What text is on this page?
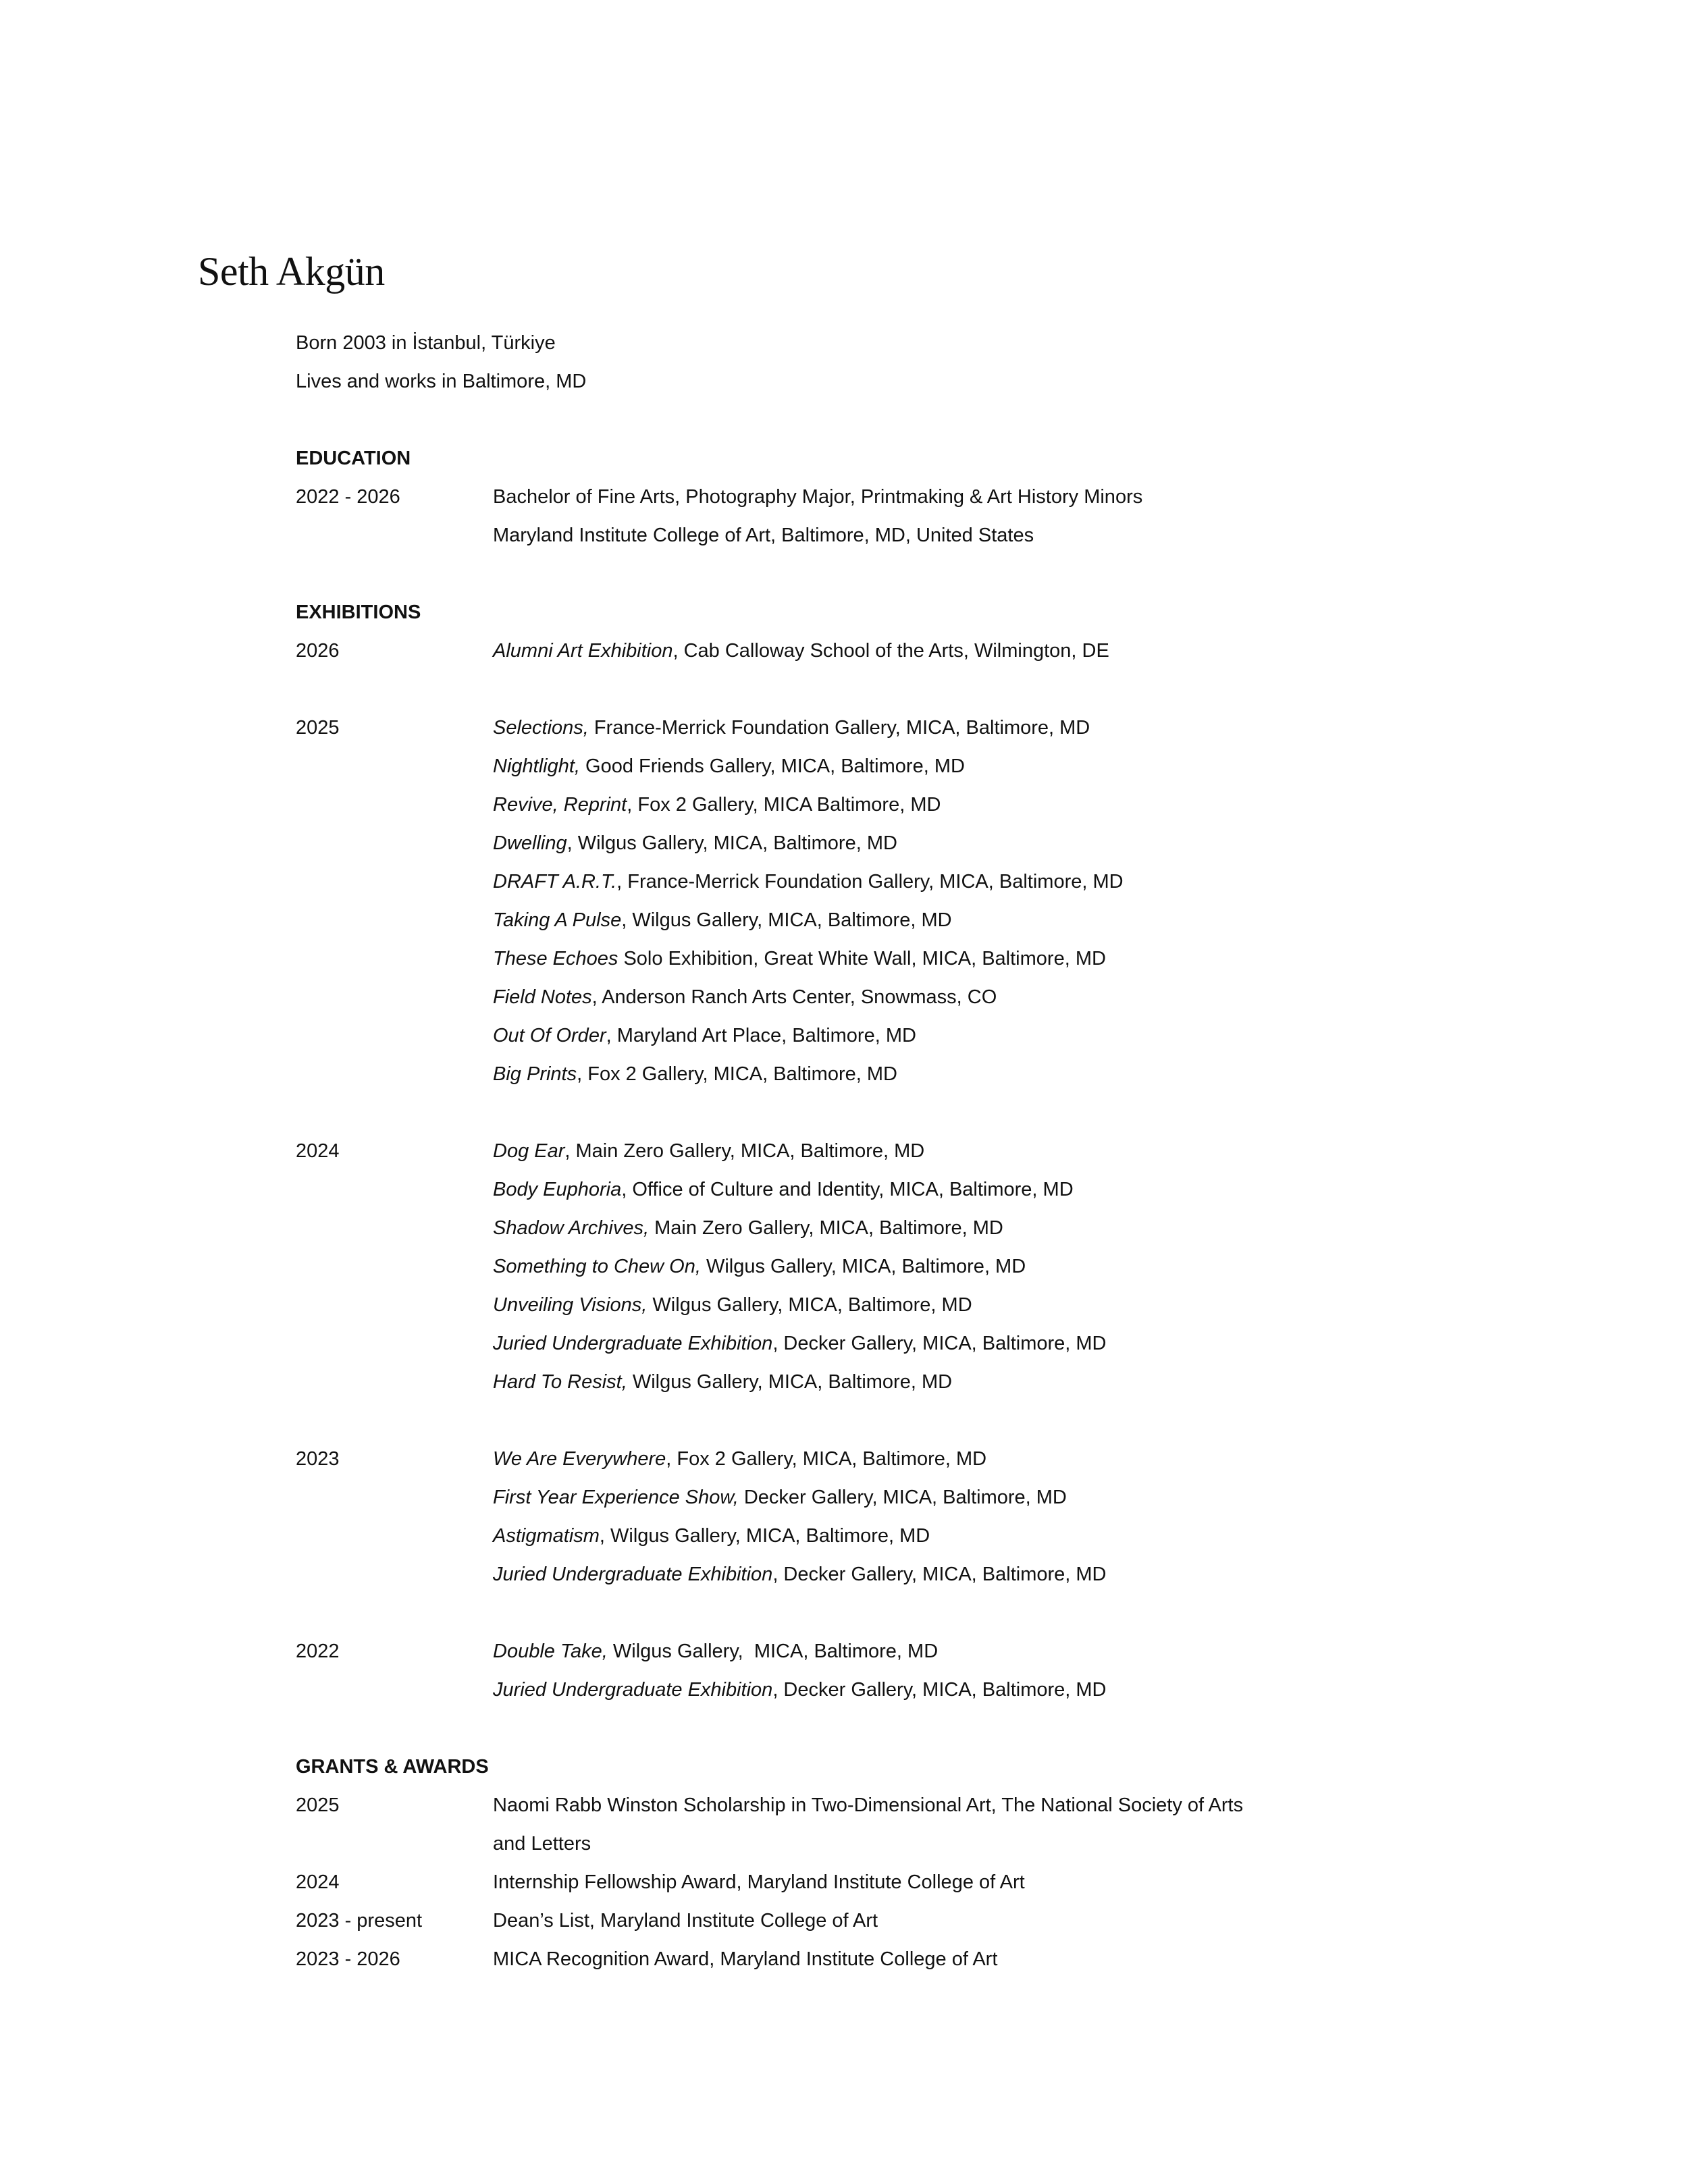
Seth Akgün
Born 2003 in İstanbul, Türkiye
Lives and works in Baltimore, MD
EDUCATION
2022 - 2026	Bachelor of Fine Arts, Photography Major, Printmaking & Art History Minors
Maryland Institute College of Art, Baltimore, MD, United States
EXHIBITIONS
2026	Alumni Art Exhibition, Cab Calloway School of the Arts, Wilmington, DE
2025	Selections, France-Merrick Foundation Gallery, MICA, Baltimore, MD
Nightlight, Good Friends Gallery, MICA, Baltimore, MD
Revive, Reprint, Fox 2 Gallery, MICA Baltimore, MD
Dwelling, Wilgus Gallery, MICA, Baltimore, MD
DRAFT A.R.T., France-Merrick Foundation Gallery, MICA, Baltimore, MD
Taking A Pulse, Wilgus Gallery, MICA, Baltimore, MD
These Echoes Solo Exhibition, Great White Wall, MICA, Baltimore, MD
Field Notes, Anderson Ranch Arts Center, Snowmass, CO
Out Of Order, Maryland Art Place, Baltimore, MD
Big Prints, Fox 2 Gallery, MICA, Baltimore, MD
2024	Dog Ear, Main Zero Gallery, MICA, Baltimore, MD
Body Euphoria, Office of Culture and Identity, MICA, Baltimore, MD
Shadow Archives, Main Zero Gallery, MICA, Baltimore, MD
Something to Chew On, Wilgus Gallery, MICA, Baltimore, MD
Unveiling Visions, Wilgus Gallery, MICA, Baltimore, MD
Juried Undergraduate Exhibition, Decker Gallery, MICA, Baltimore, MD
Hard To Resist, Wilgus Gallery, MICA, Baltimore, MD
2023	We Are Everywhere, Fox 2 Gallery, MICA, Baltimore, MD
First Year Experience Show, Decker Gallery, MICA, Baltimore, MD
Astigmatism, Wilgus Gallery, MICA, Baltimore, MD
Juried Undergraduate Exhibition, Decker Gallery, MICA, Baltimore, MD
2022	Double Take, Wilgus Gallery,  MICA, Baltimore, MD
Juried Undergraduate Exhibition, Decker Gallery, MICA, Baltimore, MD
GRANTS & AWARDS
2025	Naomi Rabb Winston Scholarship in Two-Dimensional Art, The National Society of Arts
and Letters
2024	Internship Fellowship Award, Maryland Institute College of Art
2023 - present	Dean’s List, Maryland Institute College of Art
2023 - 2026	MICA Recognition Award, Maryland Institute College of Art
